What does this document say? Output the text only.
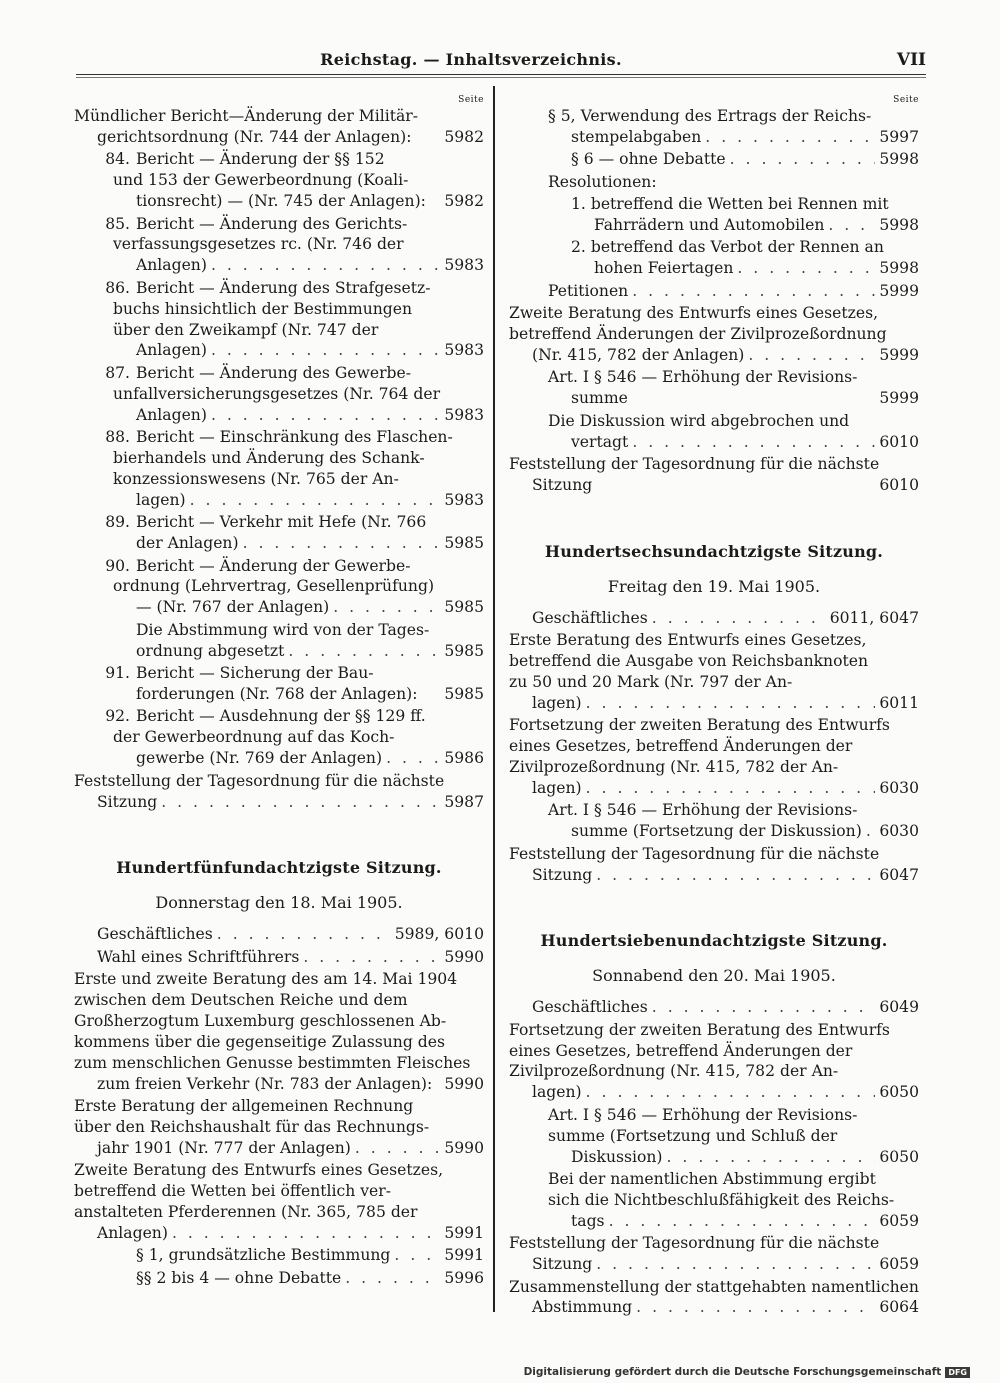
Reichstag. — Inhaltsverzeichnis.	VII
Seite
Mündlicher Bericht—Änderung der Militär-
gerichtsordnung (Nr. 744 der Anlagen): 5982
84. Bericht — Änderung der §§ 152
und 153 der Gewerbeordnung (Koali-
tionsrecht) — (Nr. 745 der Anlagen): 5982
85. Bericht — Änderung des Gerichts-
verfassungsgesetzes rc. (Nr. 746 der
Anlagen) . . .	5983
86. Bericht — Änderung des Strafgesetz-
buchs hinsichtlich der Bestimmungen
über den Zweikampf (Nr. 747 der
Anlagen) . . .	5983
87. Bericht — Änderung des Gewerbe-
unfallversicherungsgesetzes (Nr. 764 der
Anlagen) . . .	5983
88. Bericht — Einschränkung des Flaschen-
bierhandels und Änderung des Schank-
konzessionswesens (Nr. 765 der An-
lagen) . . .	5983
89. Bericht — Verkehr mit Hefe (Nr. 766
der Anlagen) . . .	5985
90. Bericht — Änderung der Gewerbe-
ordnung (Lehrvertrag, Gesellenprüfung)
— (Nr. 767 der Anlagen) . . .	5985
Die Abstimmung wird von der Tages-
ordnung abgesetzt . . .	5985
91. Bericht — Sicherung der Bau-
forderungen (Nr. 768 der Anlagen): 5985
92. Bericht — Ausdehnung der §§ 129 ff.
der Gewerbeordnung auf das Koch-
gewerbe (Nr. 769 der Anlagen) . . .	5986
Feststellung der Tagesordnung für die nächste
Sitzung . . .	5987
Hundertfünfundachtzigste Sitzung.
Donnerstag den 18. Mai 1905.
Geschäftliches . . .	5989, 6010
Wahl eines Schriftführers . . .	5990
Erste und zweite Beratung des am 14. Mai 1904
zwischen dem Deutschen Reiche und dem
Großherzogtum Luxemburg geschlossenen Ab-
kommens über die gegenseitige Zulassung des
zum menschlichen Genusse bestimmten Fleisches
zum freien Verkehr (Nr. 783 der Anlagen): 5990
Erste Beratung der allgemeinen Rechnung
über den Reichshaushalt für das Rechnungs-
jahr 1901 (Nr. 777 der Anlagen) . . .	5990
Zweite Beratung des Entwurfs eines Gesetzes,
betreffend die Wetten bei öffentlich ver-
anstalteten Pferderennen (Nr. 365, 785 der
Anlagen) . . .	5991
§ 1, grundsätzliche Bestimmung . . .	5991
§§ 2 bis 4 — ohne Debatte . . .	5996
Seite
§ 5, Verwendung des Ertrags der Reichs-
stempelabgaben . . .	5997
§ 6 — ohne Debatte . . .	5998
Resolutionen:
1. betreffend die Wetten bei Rennen mit
Fahrrädern und Automobilen . . .	5998
2. betreffend das Verbot der Rennen an
hohen Feiertagen . . .	5998
Petitionen . . .	5999
Zweite Beratung des Entwurfs eines Gesetzes,
betreffend Änderungen der Zivilprozeßordnung
(Nr. 415, 782 der Anlagen) . . .	5999
Art. I § 546 — Erhöhung der Revisions-
summe	5999
Die Diskussion wird abgebrochen und
vertagt . . .	6010
Feststellung der Tagesordnung für die nächste
Sitzung	6010
Hundertsechsundachtzigste Sitzung.
Freitag den 19. Mai 1905.
Geschäftliches . . .	6011, 6047
Erste Beratung des Entwurfs eines Gesetzes,
betreffend die Ausgabe von Reichsbanknoten
zu 50 und 20 Mark (Nr. 797 der An-
lagen) . . .	6011
Fortsetzung der zweiten Beratung des Entwurfs
eines Gesetzes, betreffend Änderungen der
Zivilprozeßordnung (Nr. 415, 782 der An-
lagen) . . .	6030
Art. I § 546 — Erhöhung der Revisions-
summe (Fortsetzung der Diskussion) . . . 6030
Feststellung der Tagesordnung für die nächste
Sitzung . . .	6047
Hundertsiebenundachtzigste Sitzung.
Sonnabend den 20. Mai 1905.
Geschäftliches . . .	6049
Fortsetzung der zweiten Beratung des Entwurfs
eines Gesetzes, betreffend Änderungen der
Zivilprozeßordnung (Nr. 415, 782 der An-
lagen) . . .	6050
Art. I § 546 — Erhöhung der Revisions-
summe (Fortsetzung und Schluß der
Diskussion) . . .	6050
Bei der namentlichen Abstimmung ergibt
sich die Nichtbeschlußfähigkeit des Reichs-
tags . . .	6059
Feststellung der Tagesordnung für die nächste
Sitzung . . .	6059
Zusammenstellung der stattgehabten namentlichen
Abstimmung . . .	6064
Digitalisierung gefördert durch die Deutsche Forschungsgemeinschaft DFG
